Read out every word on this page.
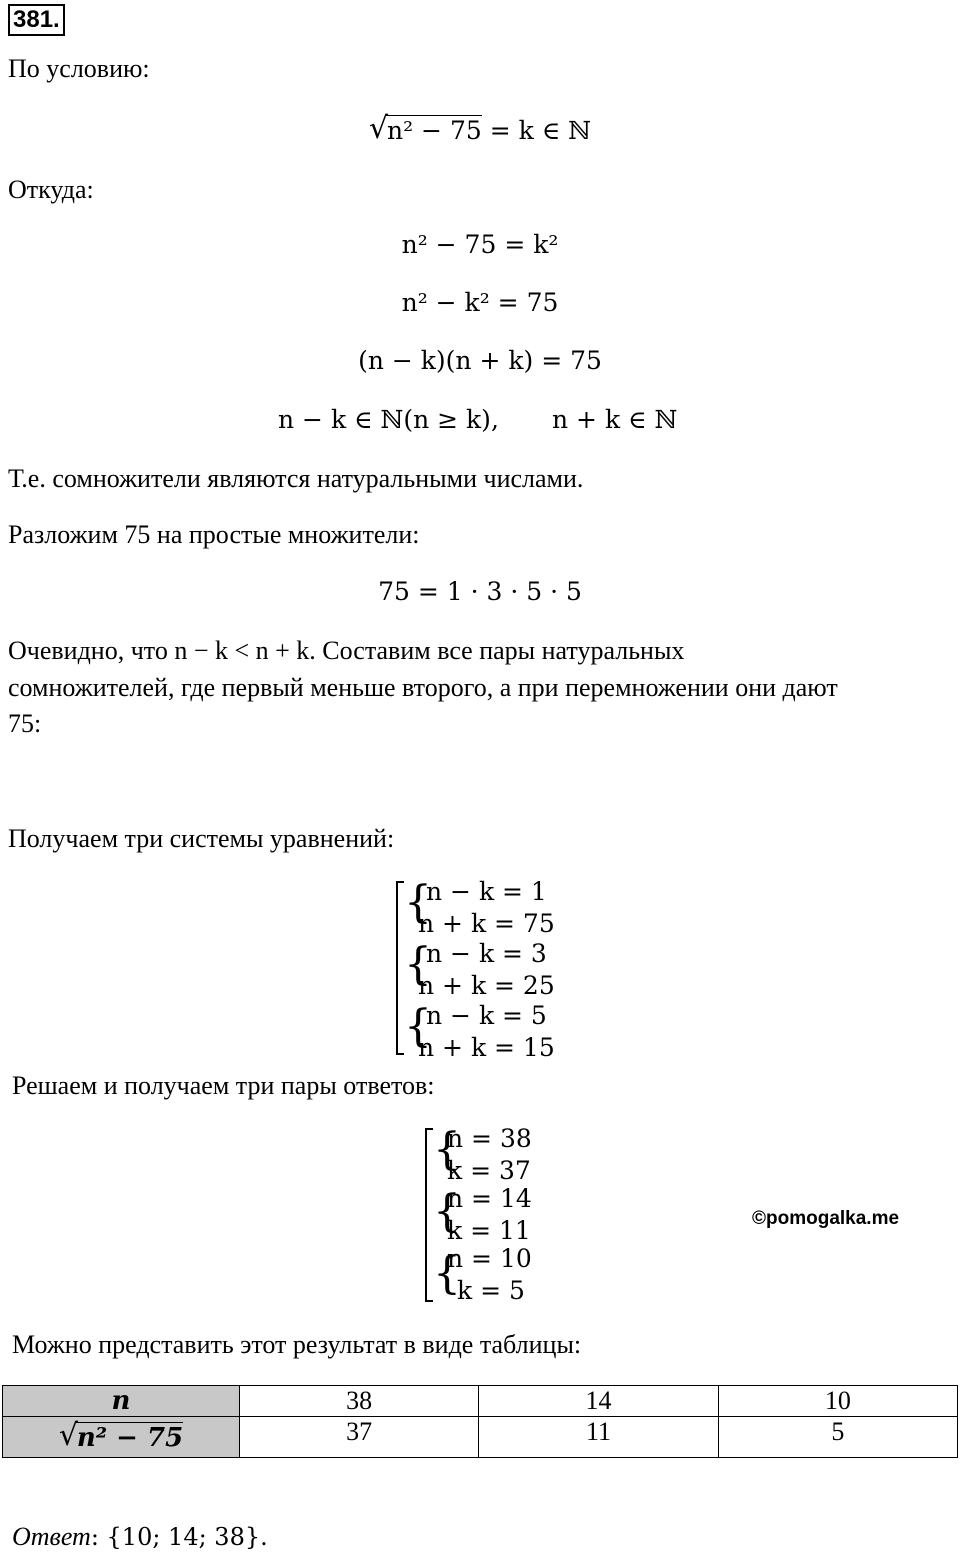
381.
По условию:
√
n² − 75 = k ∈ ℕ
Откуда:
n² − 75 = k²
n² − k² = 75
(n − k)(n + k) = 75
n − k ∈ ℕ(n ≥ k), n + k ∈ ℕ
Т.е. сомножители являются натуральными числами.
Разложим 75 на простые множители:
75 = 1 · 3 · 5 · 5
Очевидно, что n − k < n + k. Составим все пары натуральных
сомножителей, где первый меньше второго, а при перемножении они дают
75:
Получаем три системы уравнений:
{
n − k = 1
n + k = 75
{
n − k = 3
n + k = 25
{
n − k = 5
n + k = 15
Решаем и получаем три пары ответов:
{
n = 38
k = 37
{
n = 14
k = 11
{
n = 10
k = 5
©pomogalka.me
Можно представить этот результат в виде таблицы:
n	38	14	10

√
n² − 75	37	11	5
Ответ: {10; 14; 38}.
